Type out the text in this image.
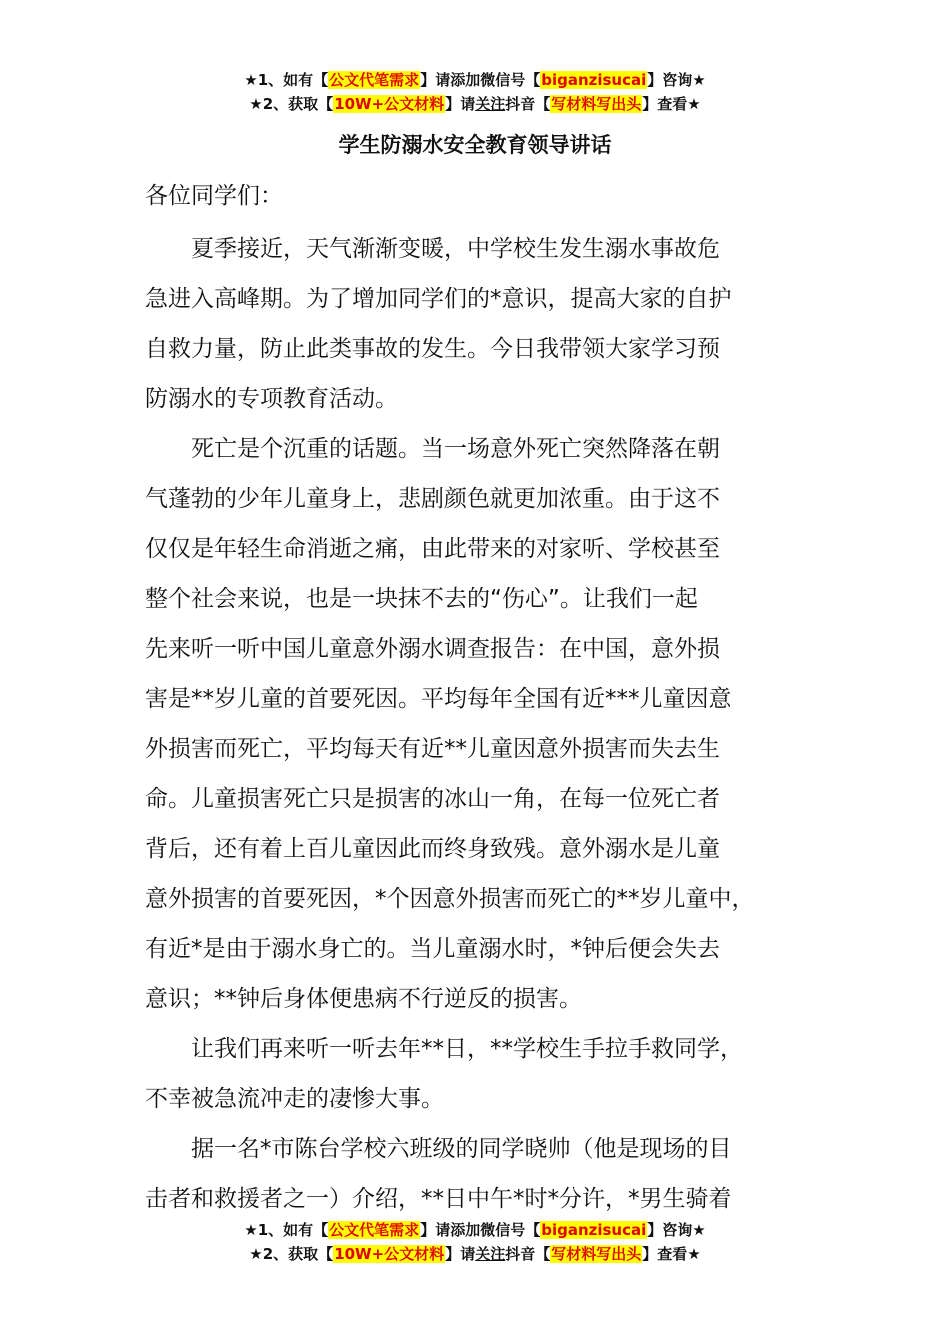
★1、如有【公文代笔需求】请添加微信号【biganzisucai】咨询★
★2、获取【10W+公文材料】请关注抖音【写材料写出头】查看★
学生防溺水安全教育领导讲话
各位同学们：

夏季接近，天气渐渐变暖，中学校生发生溺水事故危
急进入高峰期。为了增加同学们的*意识，提高大家的自护
自救力量，防止此类事故的发生。今日我带领大家学习预
防溺水的专项教育活动。

死亡是个沉重的话题。当一场意外死亡突然降落在朝
气蓬勃的少年儿童身上，悲剧颜色就更加浓重。由于这不
仅仅是年轻生命消逝之痛，由此带来的对家听、学校甚至
整个社会来说，也是一块抹不去的“伤心”。让我们一起
先来听一听中国儿童意外溺水调查报告：在中国，意外损
害是**岁儿童的首要死因。平均每年全国有近***儿童因意
外损害而死亡，平均每天有近**儿童因意外损害而失去生
命。儿童损害死亡只是损害的冰山一角，在每一位死亡者
背后，还有着上百儿童因此而终身致残。意外溺水是儿童
意外损害的首要死因，*个因意外损害而死亡的**岁儿童中，
有近*是由于溺水身亡的。当儿童溺水时，*钟后便会失去
意识；**钟后身体便患病不行逆反的损害。

让我们再来听一听去年**日，**学校生手拉手救同学，
不幸被急流冲走的凄惨大事。

据一名*市陈台学校六班级的同学晓帅（他是现场的目
击者和救援者之一）介绍，**日中午*时*分许，*男生骑着

★1、如有【公文代笔需求】请添加微信号【biganzisucai】咨询★
★2、获取【10W+公文材料】请关注抖音【写材料写出头】查看★
